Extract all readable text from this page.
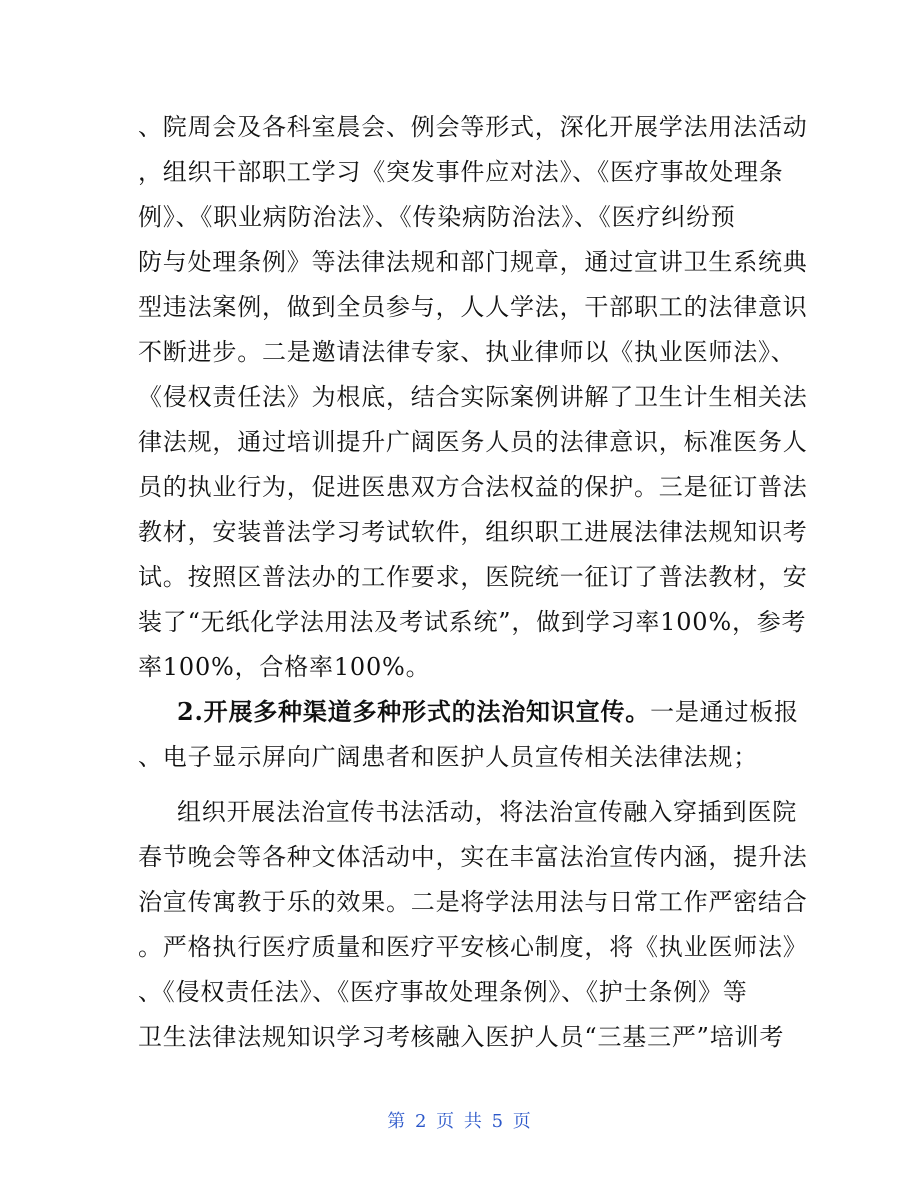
、院周会及各科室晨会、例会等形式，深化开展学法用法活动
，组织干部职工学习《突发事件应对法》、《医疗事故处理条
例》、《职业病防治法》、《传染病防治法》、《医疗纠纷预
防与处理条例》等法律法规和部门规章，通过宣讲卫生系统典
型违法案例，做到全员参与，人人学法，干部职工的法律意识
不断进步。二是邀请法律专家、执业律师以《执业医师法》、
《侵权责任法》为根底，结合实际案例讲解了卫生计生相关法
律法规，通过培训提升广阔医务人员的法律意识，标准医务人
员的执业行为，促进医患双方合法权益的保护。三是征订普法
教材，安装普法学习考试软件，组织职工进展法律法规知识考
试。按照区普法办的工作要求，医院统一征订了普法教材，安
装了“无纸化学法用法及考试系统”，做到学习率100%，参考
率100%，合格率100%。
2.开展多种渠道多种形式的法治知识宣传。一是通过板报
、电子显示屏向广阔患者和医护人员宣传相关法律法规；
组织开展法治宣传书法活动，将法治宣传融入穿插到医院
春节晚会等各种文体活动中，实在丰富法治宣传内涵，提升法
治宣传寓教于乐的效果。二是将学法用法与日常工作严密结合
。严格执行医疗质量和医疗平安核心制度，将《执业医师法》
、《侵权责任法》、《医疗事故处理条例》、《护士条例》等
卫生法律法规知识学习考核融入医护人员“三基三严”培训考
第 2 页 共 5 页
